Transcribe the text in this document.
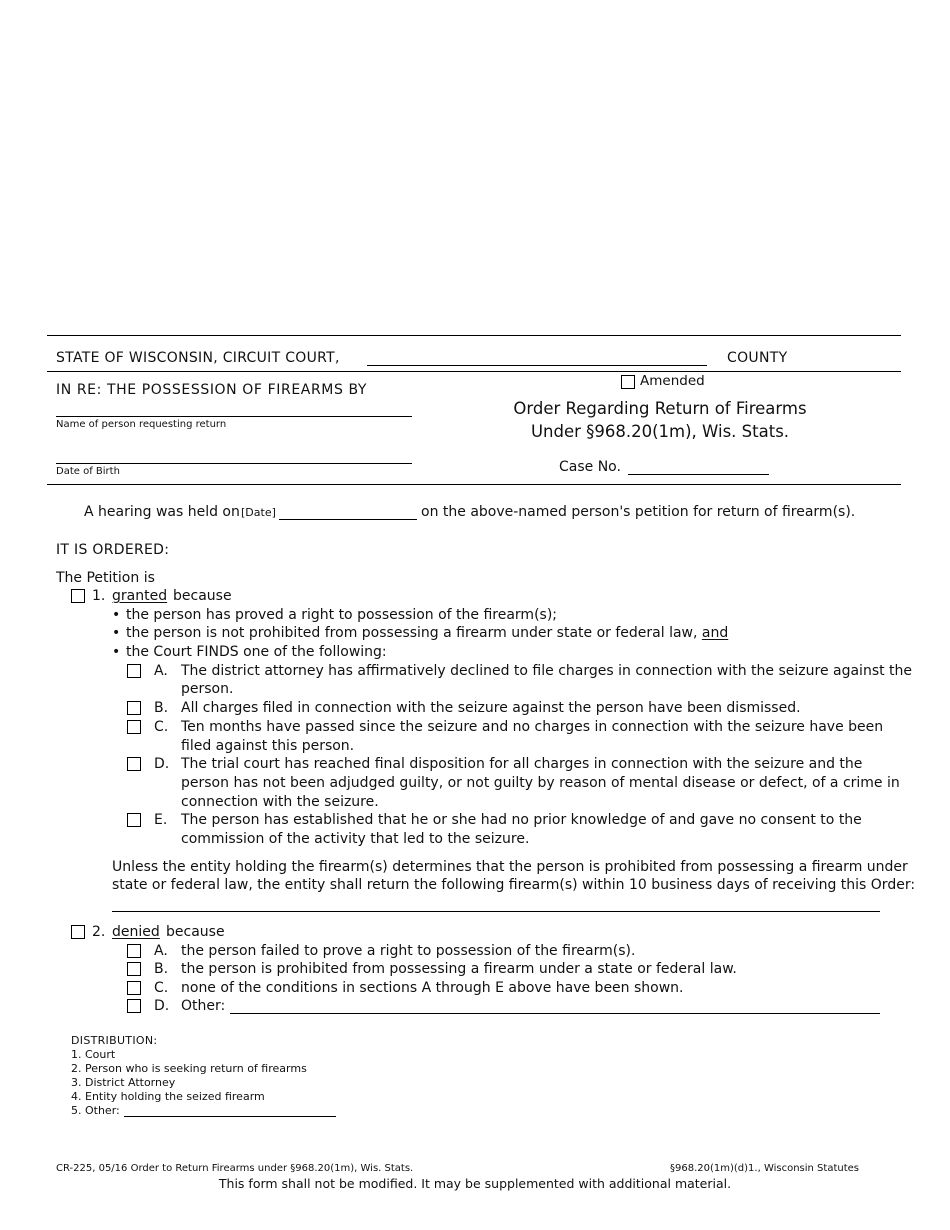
STATE OF WISCONSIN, CIRCUIT COURT,	COUNTY
IN RE: THE POSSESSION OF FIREARMS BY
Amended
Name of person requesting return
Order Regarding Return of Firearms
Under §968.20(1m), Wis. Stats.
Date of Birth	Case No.
A hearing was held on [Date]	on the above-named person's petition for return of firearm(s).
IT IS ORDERED:
The Petition is
1. granted because
• the person has proved a right to possession of the firearm(s);
• the person is not prohibited from possessing a firearm under state or federal law, and
• the Court FINDS one of the following:
A. The district attorney has affirmatively declined to file charges in connection with the seizure against the
person.
B. All charges filed in connection with the seizure against the person have been dismissed.
C. Ten months have passed since the seizure and no charges in connection with the seizure have been
filed against this person.
D. The trial court has reached final disposition for all charges in connection with the seizure and the
person has not been adjudged guilty, or not guilty by reason of mental disease or defect, of a crime in
connection with the seizure.
E. The person has established that he or she had no prior knowledge of and gave no consent to the
commission of the activity that led to the seizure.
Unless the entity holding the firearm(s) determines that the person is prohibited from possessing a firearm under
state or federal law, the entity shall return the following firearm(s) within 10 business days of receiving this Order:
2. denied because
A. the person failed to prove a right to possession of the firearm(s).
B. the person is prohibited from possessing a firearm under a state or federal law.
C. none of the conditions in sections A through E above have been shown.
D. Other:
DISTRIBUTION:
1. Court
2. Person who is seeking return of firearms
3. District Attorney
4. Entity holding the seized firearm
5. Other:
CR-225, 05/16 Order to Return Firearms under §968.20(1m), Wis. Stats.	§968.20(1m)(d)1., Wisconsin Statutes
This form shall not be modified. It may be supplemented with additional material.
